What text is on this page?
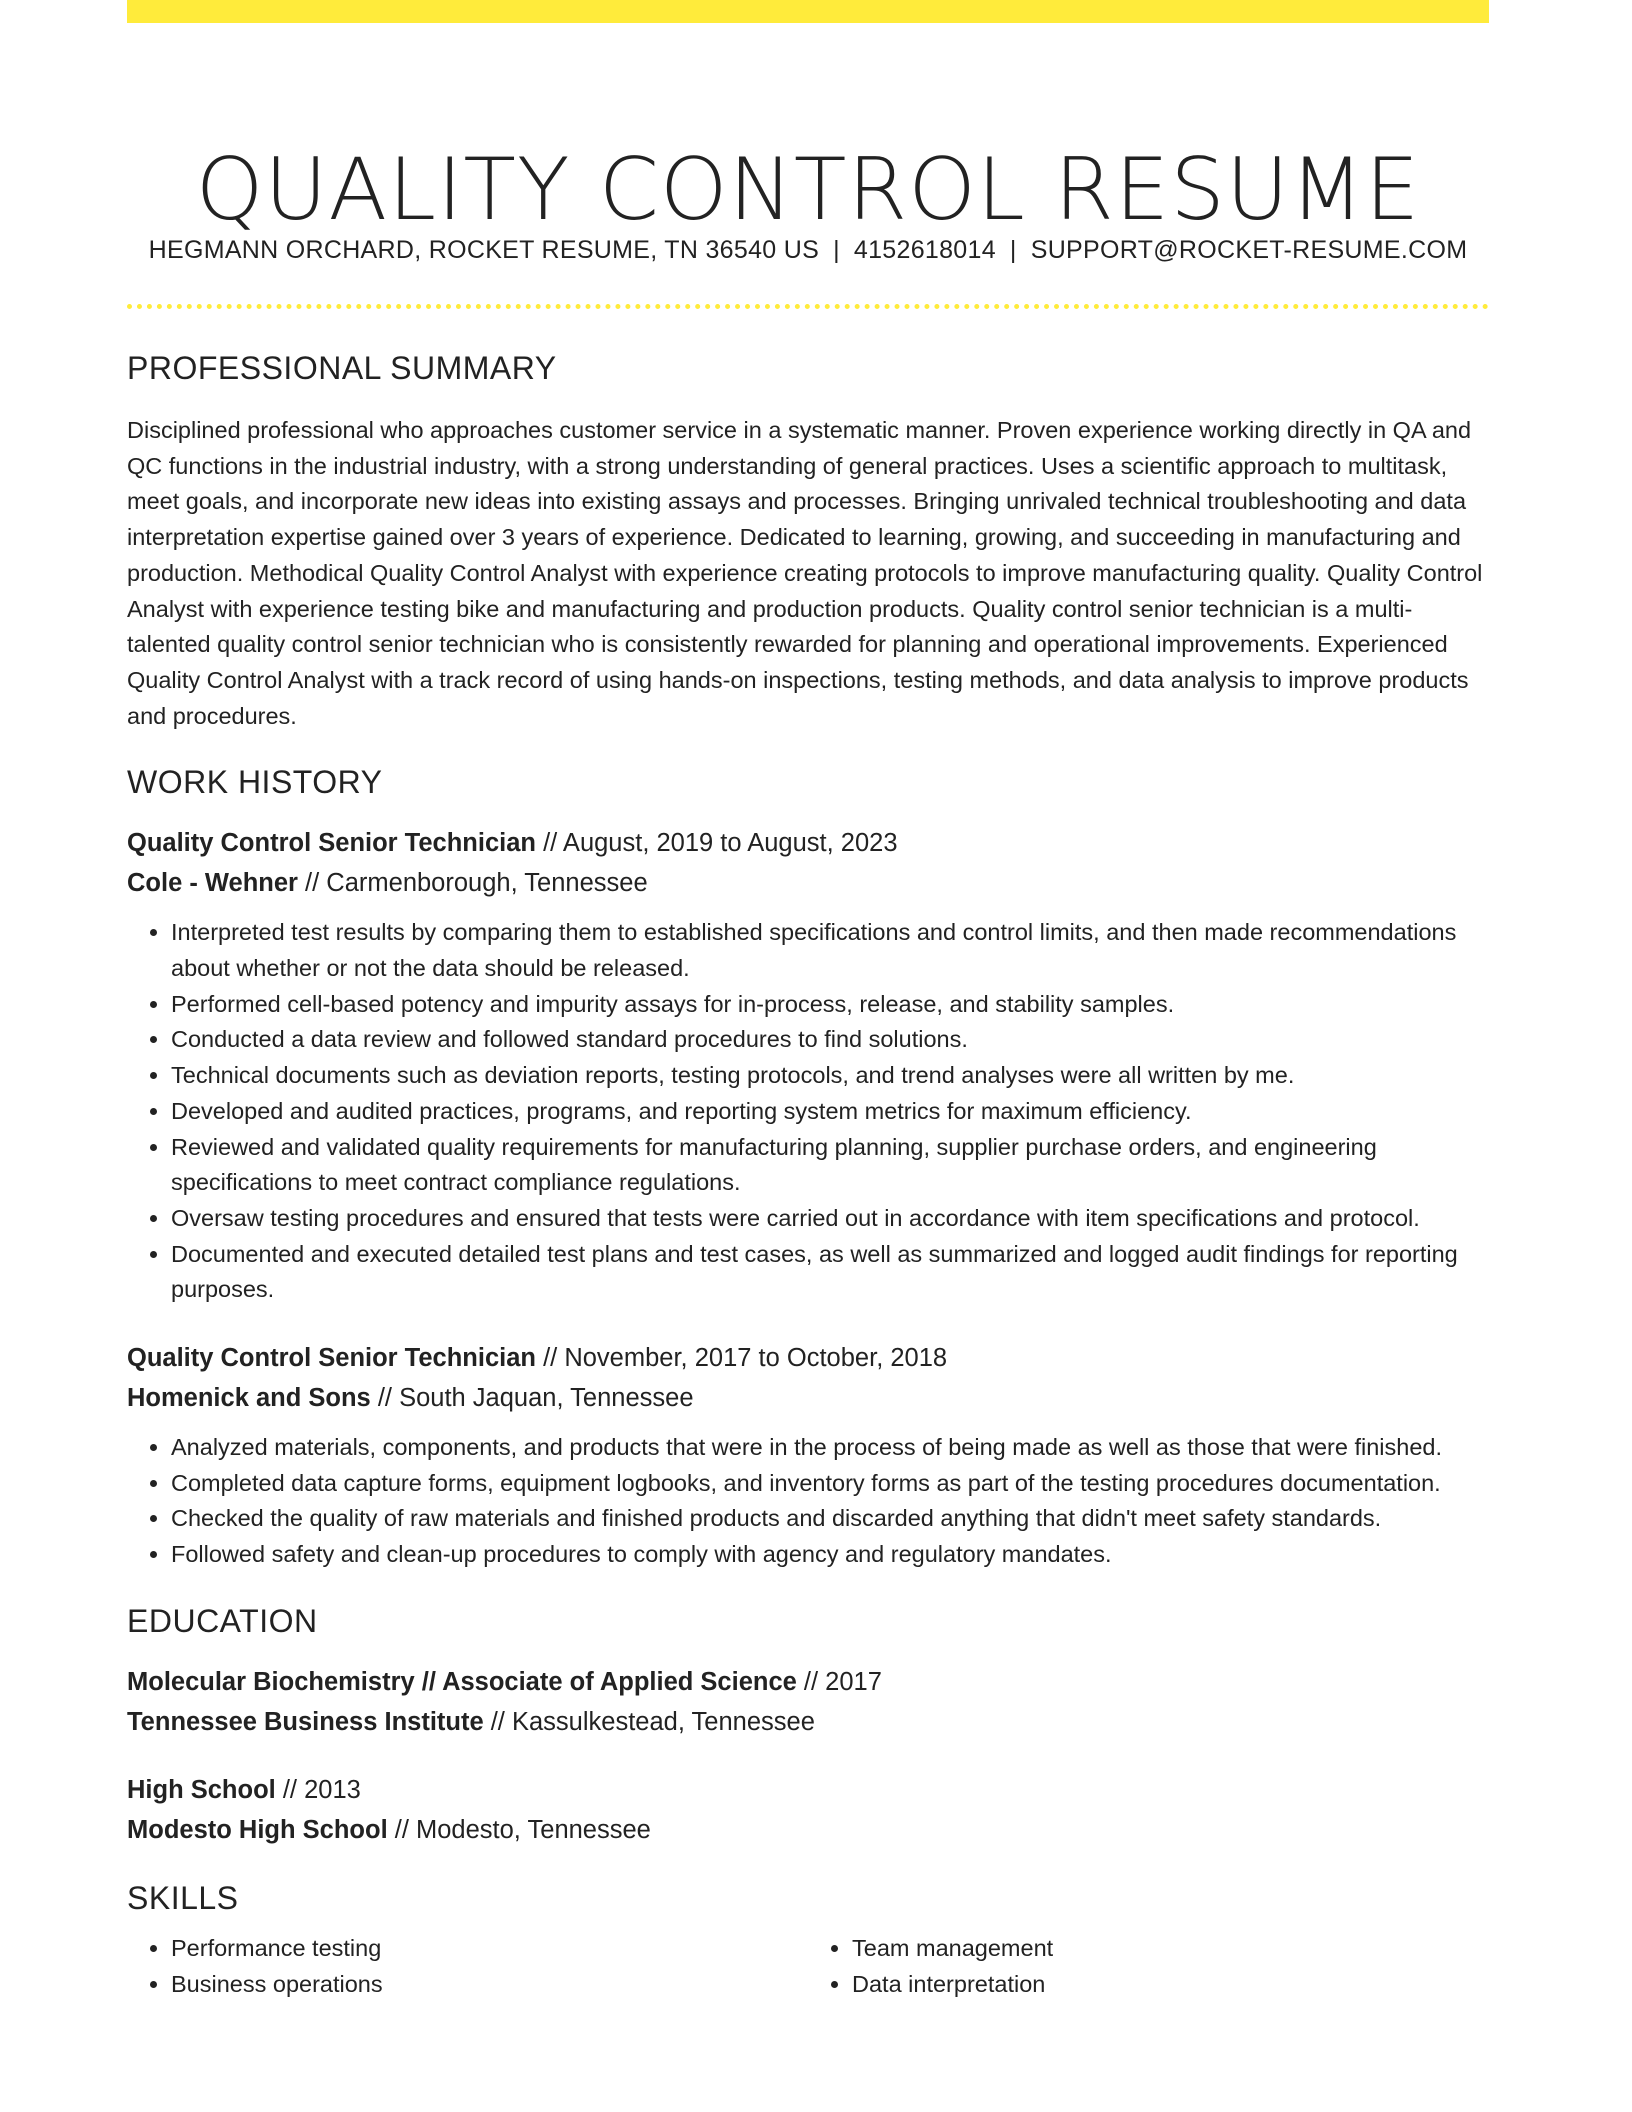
QUALITY CONTROL RESUME
HEGMANN ORCHARD, ROCKET RESUME, TN 36540 US | 4152618014 | SUPPORT@ROCKET-RESUME.COM
PROFESSIONAL SUMMARY

Disciplined professional who approaches customer service in a systematic manner. Proven experience working directly in QA and QC functions in the industrial industry, with a strong understanding of general practices. Uses a scientific approach to multitask, meet goals, and incorporate new ideas into existing assays and processes. Bringing unrivaled technical troubleshooting and data interpretation expertise gained over 3 years of experience. Dedicated to learning, growing, and succeeding in manufacturing and production. Methodical Quality Control Analyst with experience creating protocols to improve manufacturing quality. Quality Control Analyst with experience testing bike and manufacturing and production products. Quality control senior technician is a multi-talented quality control senior technician who is consistently rewarded for planning and operational improvements. Experienced Quality Control Analyst with a track record of using hands-on inspections, testing methods, and data analysis to improve products and procedures.

WORK HISTORY
Quality Control Senior Technician // August, 2019 to August, 2023
Cole - Wehner // Carmenborough, Tennessee
• Interpreted test results by comparing them to established specifications and control limits, and then made recommendations about whether or not the data should be released.
• Performed cell-based potency and impurity assays for in-process, release, and stability samples.
• Conducted a data review and followed standard procedures to find solutions.
• Technical documents such as deviation reports, testing protocols, and trend analyses were all written by me.
• Developed and audited practices, programs, and reporting system metrics for maximum efficiency.
• Reviewed and validated quality requirements for manufacturing planning, supplier purchase orders, and engineering specifications to meet contract compliance regulations.
• Oversaw testing procedures and ensured that tests were carried out in accordance with item specifications and protocol.
• Documented and executed detailed test plans and test cases, as well as summarized and logged audit findings for reporting purposes.
Quality Control Senior Technician // November, 2017 to October, 2018
Homenick and Sons // South Jaquan, Tennessee
• Analyzed materials, components, and products that were in the process of being made as well as those that were finished.
• Completed data capture forms, equipment logbooks, and inventory forms as part of the testing procedures documentation.
• Checked the quality of raw materials and finished products and discarded anything that didn't meet safety standards.
• Followed safety and clean-up procedures to comply with agency and regulatory mandates.
EDUCATION
Molecular Biochemistry // Associate of Applied Science // 2017
Tennessee Business Institute // Kassulkestead, Tennessee
High School // 2013
Modesto High School // Modesto, Tennessee
SKILLS
• Performance testing
• Business operations
• Team management
• Data interpretation
